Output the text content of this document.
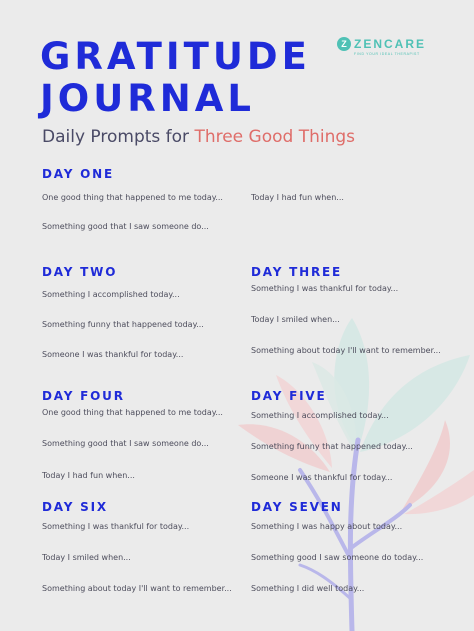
GRATITUDE
JOURNAL
Daily Prompts for Three Good Things
Z ZENCARE
FIND YOUR IDEAL THERAPIST
DAY ONE
One good thing that happened to me today...
Something good that I saw someone do...
Today I had fun when...
DAY TWO
Something I accomplished today...
Something funny that happened today...
Someone I was thankful for today...
DAY THREE
Something I was thankful for today...
Today I smiled when...
Something about today I'll want to remember...
DAY FOUR
One good thing that happened to me today...
Something good that I saw someone do...
Today I had fun when...
DAY FIVE
Something I accomplished today...
Something funny that happened today...
Someone I was thankful for today...
DAY SIX
Something I was thankful for today...
Today I smiled when...
Something about today I'll want to remember...
DAY SEVEN
Something I was happy about today...
Something good I saw someone do today...
Something I did well today...
